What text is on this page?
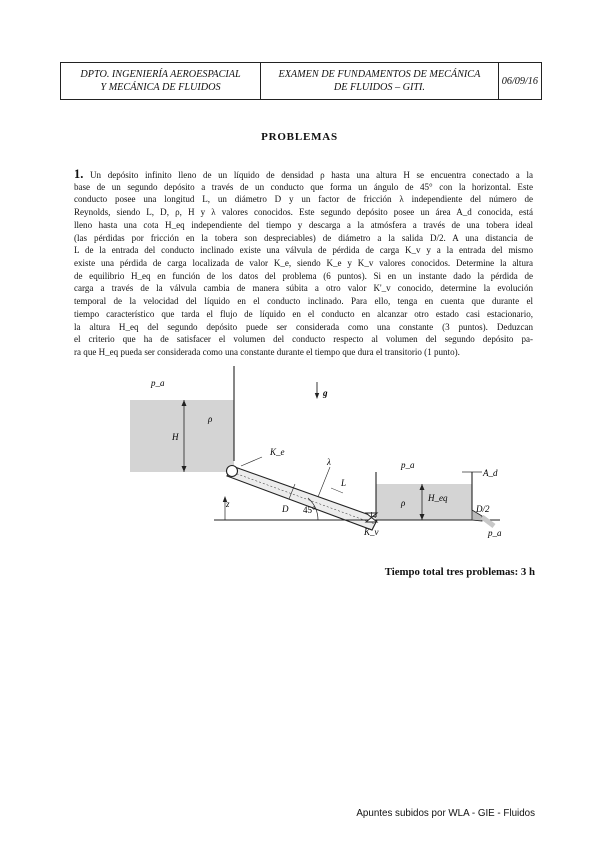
DPTO. INGENIERÍA AEROESPACIAL
Y MECÁNICA DE FLUIDOS
EXAMEN DE FUNDAMENTOS DE MECÁNICA
DE FLUIDOS – GITI.
06/09/16
PROBLEMAS
1. Un depósito infinito lleno de un líquido de densidad ρ hasta una altura H se encuentra conectado a la
base de un segundo depósito a través de un conducto que forma un ángulo de 45° con la horizontal. Este
conducto posee una longitud L, un diámetro D y un factor de fricción λ independiente del número de
Reynolds, siendo L, D, ρ, H y λ valores conocidos. Este segundo depósito posee un área A_d conocida, está
lleno hasta una cota H_eq independiente del tiempo y descarga a la atmósfera a través de una tobera ideal
(las pérdidas por fricción en la tobera son despreciables) de diámetro a la salida D/2. A una distancia de
L de la entrada del conducto inclinado existe una válvula de pérdida de carga K_v y a la entrada del mismo
existe una pérdida de carga localizada de valor K_e, siendo K_e y K_v valores conocidos. Determine la altura
de equilibrio H_eq en función de los datos del problema (6 puntos). Si en un instante dado la pérdida de
carga a través de la válvula cambia de manera súbita a otro valor K'_v conocido, determine la evolución
temporal de la velocidad del líquido en el conducto inclinado. Para ello, tenga en cuenta que durante el
tiempo característico que tarda el flujo de líquido en el conducto en alcanzar otro estado casi estacionario,
la altura H_eq del segundo depósito puede ser considerada como una constante (3 puntos). Deduzcan
el criterio que ha de satisfacer el volumen del conducto respecto al volumen del segundo depósito pa-
ra que H_eq pueda ser considerada como una constante durante el tiempo que dura el transitorio (1 punto).
p_a
ρ
H
K_e
g
λ
L
p_a
A_d
ρ	H_eq
D/2
z	D 45°
K_v	p_a
Tiempo total tres problemas: 3 h
Apuntes subidos por WLA - GIE - Fluidos
